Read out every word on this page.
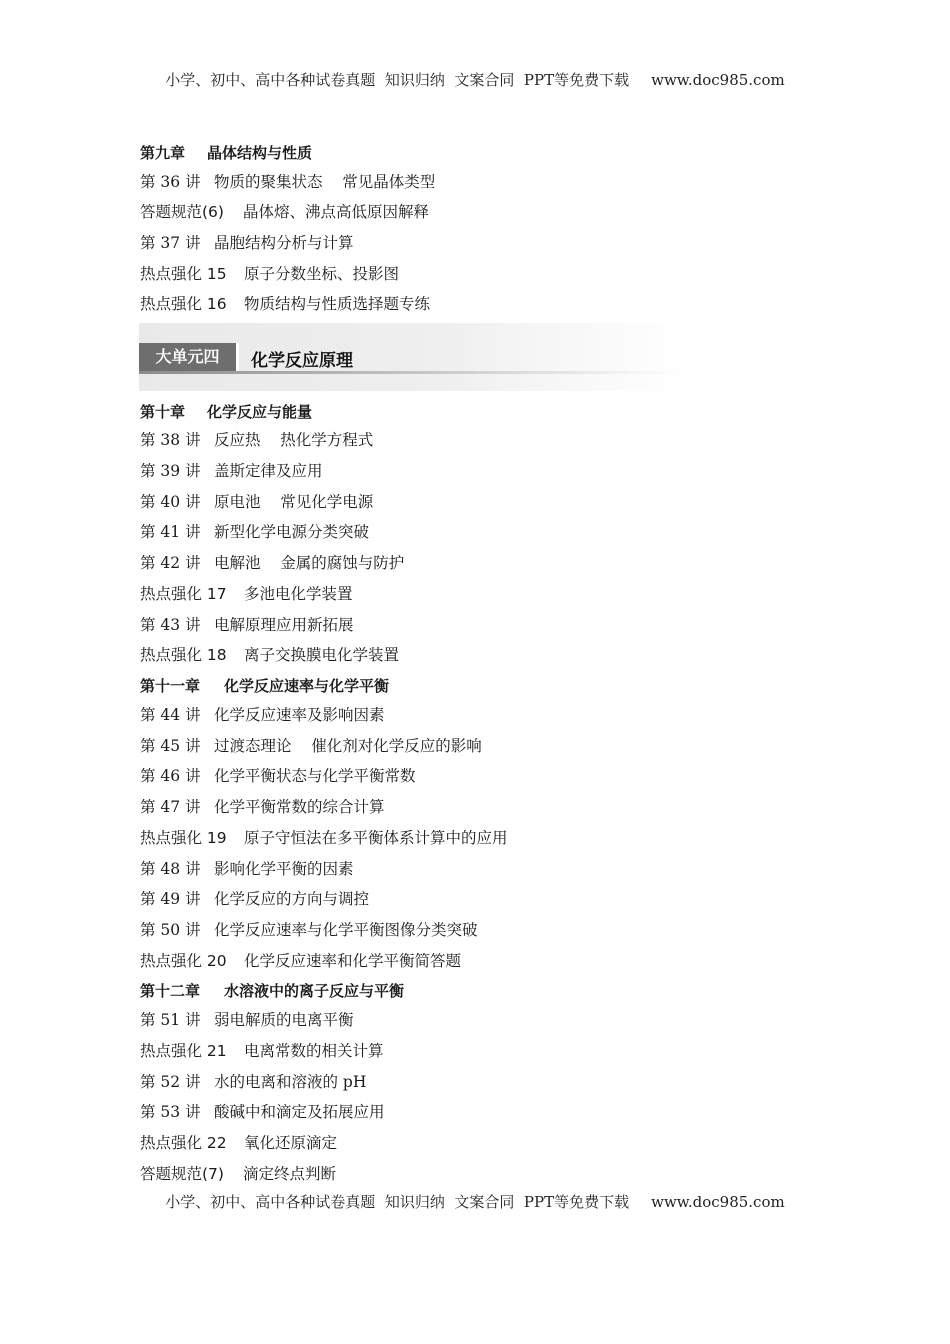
小学、初中、高中各种试卷真题  知识归纳  文案合同  PPT等免费下载 www.doc985.com
第九章 晶体结构与性质
第 36 讲 物质的聚集状态    常见晶体类型
答题规范(6) 晶体熔、沸点高低原因解释
第 37 讲 晶胞结构分析与计算
热点强化 15 原子分数坐标、投影图
热点强化 16 物质结构与性质选择题专练
第十章 化学反应与能量
第 38 讲 反应热    热化学方程式
第 39 讲 盖斯定律及应用
第 40 讲 原电池    常见化学电源
第 41 讲 新型化学电源分类突破
第 42 讲 电解池    金属的腐蚀与防护
热点强化 17 多池电化学装置
第 43 讲 电解原理应用新拓展
热点强化 18 离子交换膜电化学装置
第十一章 化学反应速率与化学平衡
第 44 讲 化学反应速率及影响因素
第 45 讲 过渡态理论    催化剂对化学反应的影响
第 46 讲 化学平衡状态与化学平衡常数
第 47 讲 化学平衡常数的综合计算
热点强化 19 原子守恒法在多平衡体系计算中的应用
第 48 讲 影响化学平衡的因素
第 49 讲 化学反应的方向与调控
第 50 讲 化学反应速率与化学平衡图像分类突破
热点强化 20 化学反应速率和化学平衡简答题
第十二章 水溶液中的离子反应与平衡
第 51 讲 弱电解质的电离平衡
热点强化 21 电离常数的相关计算
第 52 讲 水的电离和溶液的 pH
第 53 讲 酸碱中和滴定及拓展应用
热点强化 22 氧化还原滴定
答题规范(7) 滴定终点判断
大单元四	化学反应原理
小学、初中、高中各种试卷真题  知识归纳  文案合同  PPT等免费下载 www.doc985.com
